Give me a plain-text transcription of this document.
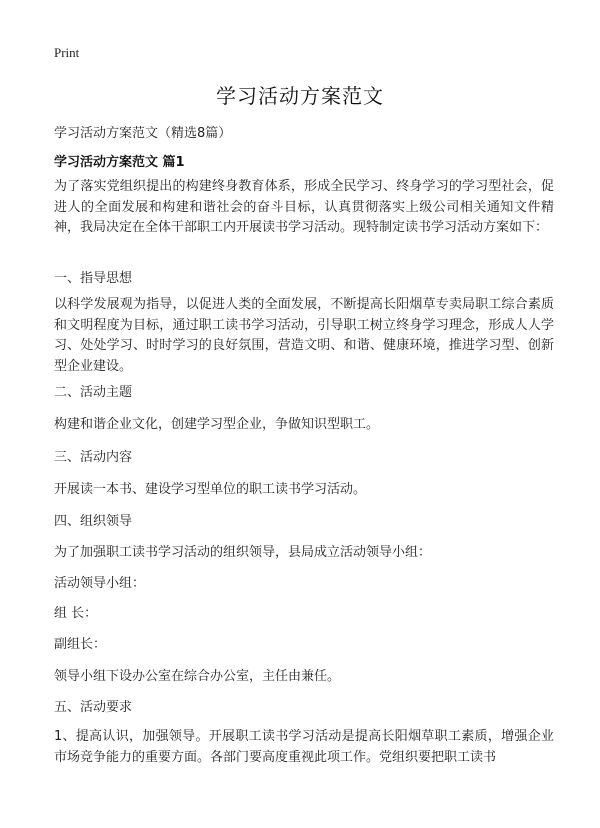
Print
学习活动方案范文
学习活动方案范文（精选8篇）
学习活动方案范文 篇1

为了落实党组织提出的构建终身教育体系，形成全民学习、终身学习的学习型社会，促进人的全面发展和构建和谐社会的奋斗目标，认真贯彻落实上级公司相关通知文件精神，我局决定在全体干部职工内开展读书学习活动。现特制定读书学习活动方案如下：

一、指导思想

以科学发展观为指导，以促进人类的全面发展，不断提高长阳烟草专卖局职工综合素质和文明程度为目标，通过职工读书学习活动，引导职工树立终身学习理念，形成人人学习、处处学习、时时学习的良好氛围，营造文明、和谐、健康环境，推进学习型、创新型企业建设。

二、活动主题
构建和谐企业文化，创建学习型企业，争做知识型职工。
三、活动内容
开展读一本书、建设学习型单位的职工读书学习活动。
四、组织领导
为了加强职工读书学习活动的组织领导，县局成立活动领导小组：
活动领导小组：
组 长：
副组长：
领导小组下设办公室在综合办公室，主任由兼任。
五、活动要求

1、提高认识，加强领导。开展职工读书学习活动是提高长阳烟草职工素质，增强企业市场竞争能力的重要方面。各部门要高度重视此项工作。党组织要把职工读书
